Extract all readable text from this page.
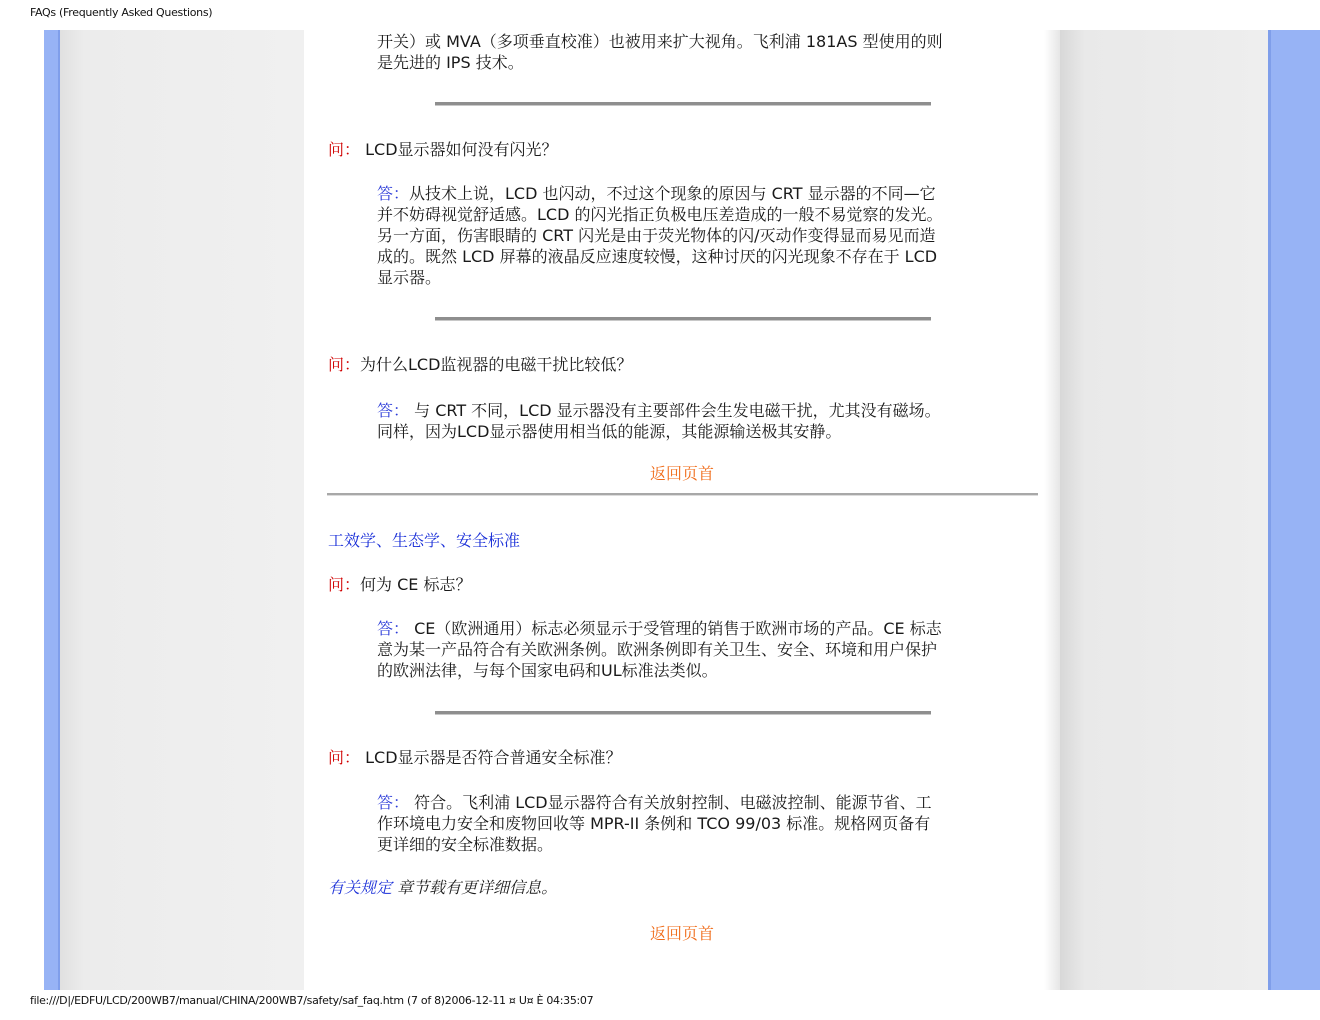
FAQs (Frequently Asked Questions)
开关）或 MVA（多项垂直校准）也被用来扩大视角。飞利浦 181AS 型使用的则
是先进的 IPS 技术。
问： LCD显示器如何没有闪光？
答：从技术上说，LCD 也闪动，不过这个现象的原因与 CRT 显示器的不同—它
并不妨碍视觉舒适感。LCD 的闪光指正负极电压差造成的一般不易觉察的发光。
另一方面，伤害眼睛的 CRT 闪光是由于荧光物体的闪/灭动作变得显而易见而造
成的。既然 LCD 屏幕的液晶反应速度较慢，这种讨厌的闪光现象不存在于 LCD
显示器。
问：为什么LCD监视器的电磁干扰比较低？
答： 与 CRT 不同，LCD 显示器没有主要部件会生发电磁干扰，尤其没有磁场。
同样，因为LCD显示器使用相当低的能源，其能源输送极其安静。
返回页首
工效学、生态学、安全标准
问：何为 CE 标志？
答： CE（欧洲通用）标志必须显示于受管理的销售于欧洲市场的产品。CE 标志
意为某一产品符合有关欧洲条例。欧洲条例即有关卫生、安全、环境和用户保护
的欧洲法律，与每个国家电码和UL标准法类似。
问： LCD显示器是否符合普通安全标准？
答： 符合。飞利浦 LCD显示器符合有关放射控制、电磁波控制、能源节省、工
作环境电力安全和废物回收等 MPR-II 条例和 TCO 99/03 标准。规格网页备有
更详细的安全标准数据。
有关规定 章节载有更详细信息。
返回页首
file:///D|/EDFU/LCD/200WB7/manual/CHINA/200WB7/safety/saf_faq.htm (7 of 8)2006-12-11 ¤ U¤ È 04:35:07
